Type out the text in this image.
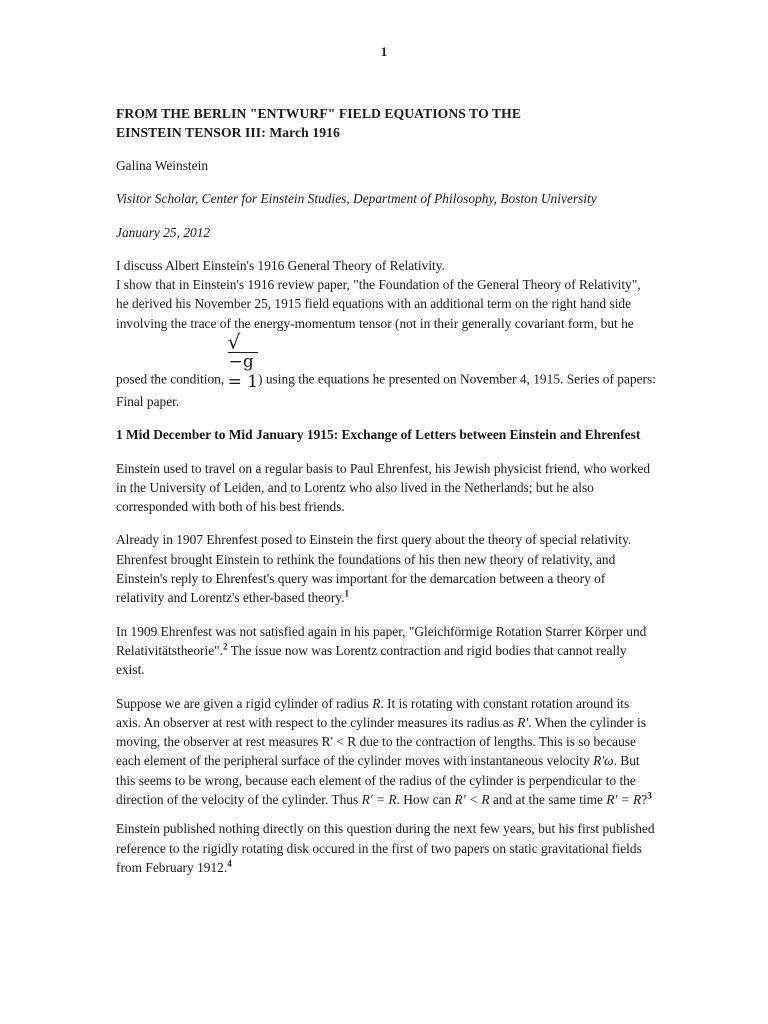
1
FROM THE BERLIN "ENTWURF" FIELD EQUATIONS TO THE
EINSTEIN TENSOR III: March 1916
Galina Weinstein
Visitor Scholar, Center for Einstein Studies, Department of Philosophy, Boston University
January 25, 2012
I discuss Albert Einstein's 1916 General Theory of Relativity.
I show that in Einstein's 1916 review paper, "the Foundation of the General Theory of Relativity", he derived his November 25, 1915 field equations with an additional term on the right hand side involving the trace of the energy-momentum tensor (not in their generally covariant form, but he posed the condition,
√
−g
= 1 ) using the equations he presented on November 4, 1915. Series of papers: Final paper.
1 Mid December to Mid January 1915: Exchange of Letters between Einstein and Ehrenfest

Einstein used to travel on a regular basis to Paul Ehrenfest, his Jewish physicist friend, who worked in the University of Leiden, and to Lorentz who also lived in the Netherlands; but he also corresponded with both of his best friends.

Already in 1907 Ehrenfest posed to Einstein the first query about the theory of special relativity. Ehrenfest brought Einstein to rethink the foundations of his then new theory of relativity, and Einstein's reply to Ehrenfest's query was important for the demarcation between a theory of relativity and Lorentz's ether-based theory.$^1$

In 1909 Ehrenfest was not satisfied again in his paper, "Gleichförmige Rotation Starrer Körper und Relativitätstheorie".$^2$ The issue now was Lorentz contraction and rigid bodies that cannot really exist.

Suppose we are given a rigid cylinder of radius R. It is rotating with constant rotation around its axis. An observer at rest with respect to the cylinder measures its radius as R'. When the cylinder is moving, the observer at rest measures R' < R due to the contraction of lengths. This is so because each element of the peripheral surface of the cylinder moves with instantaneous velocity R'ω. But this seems to be wrong, because each element of the radius of the cylinder is perpendicular to the direction of the velocity of the cylinder. Thus R' = R. How can R' < R and at the same time R' = R?$^3$

Einstein published nothing directly on this question during the next few years, but his first published reference to the rigidly rotating disk occured in the first of two papers on static gravitational fields from February 1912.$^4$
